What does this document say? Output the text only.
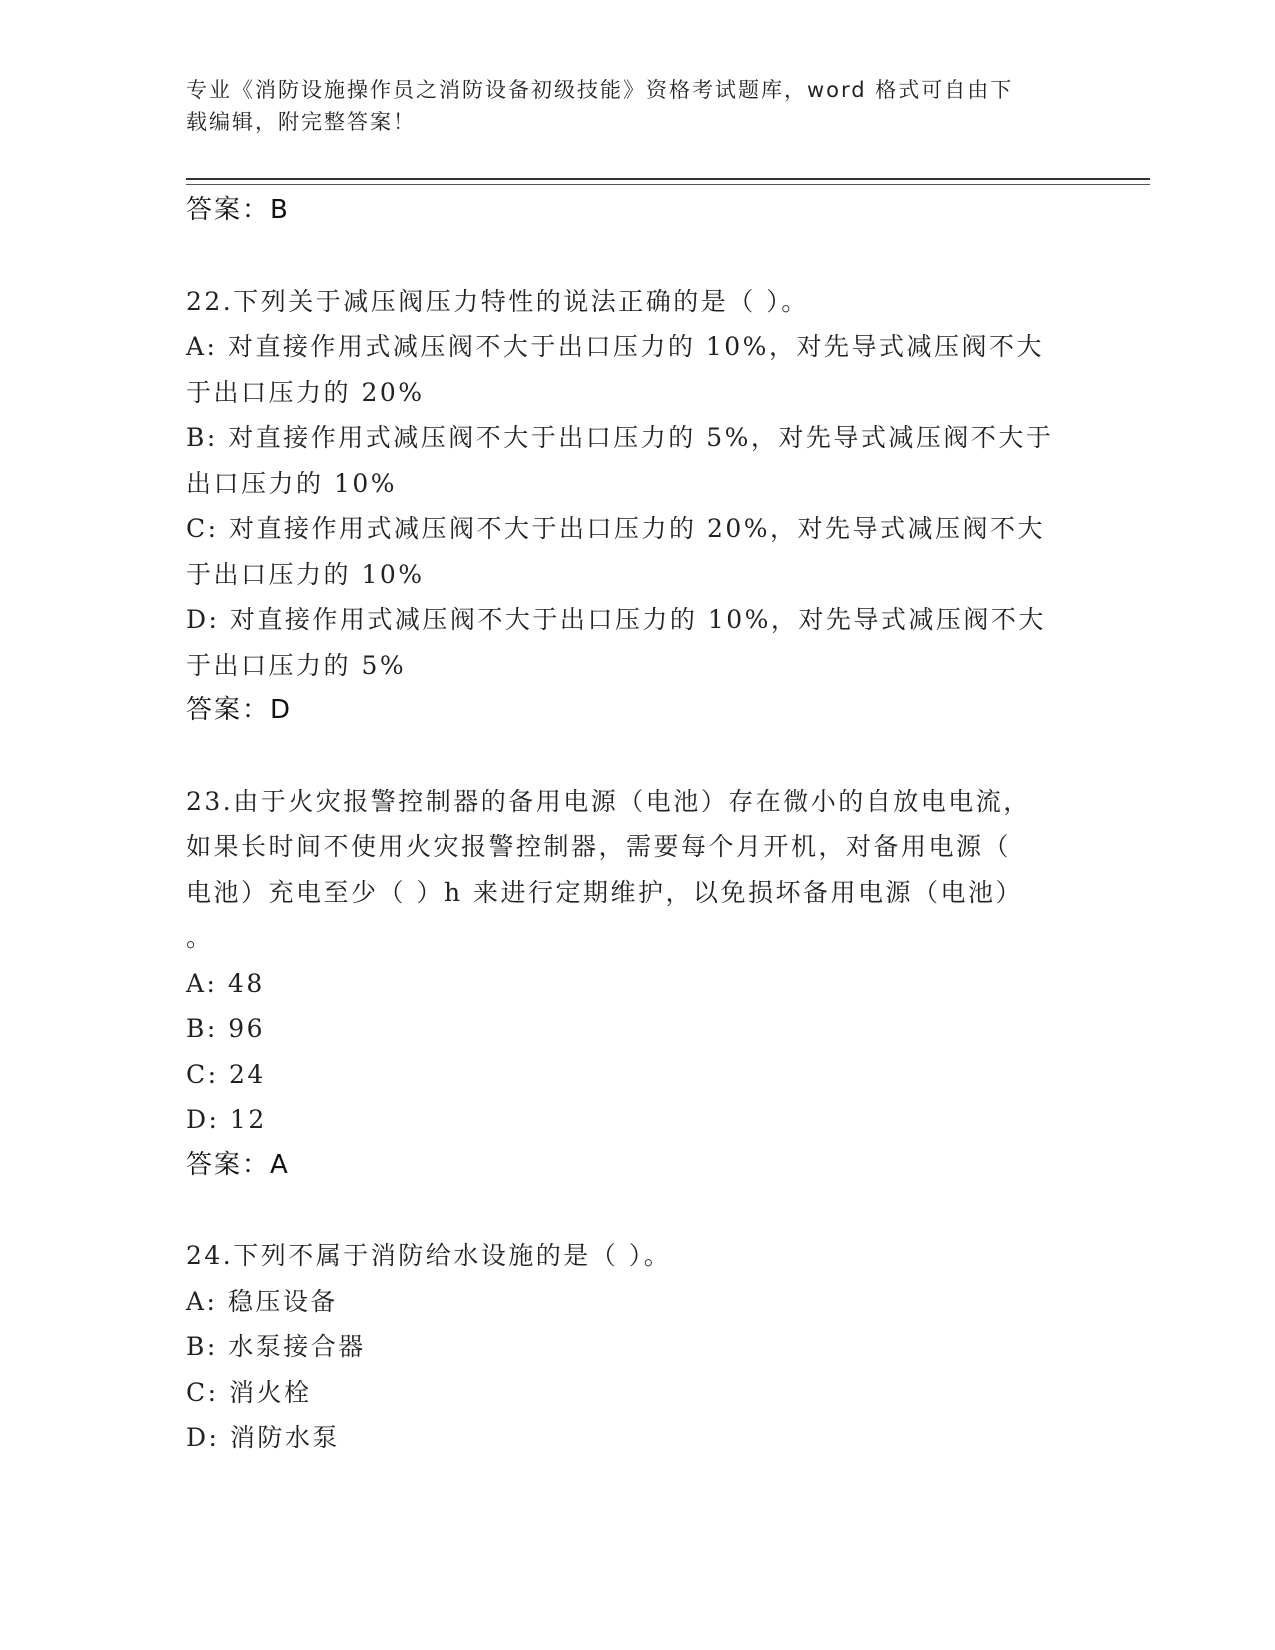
专业《消防设施操作员之消防设备初级技能》资格考试题库，word 格式可自由下
载编辑，附完整答案！
答案：B
22.下列关于减压阀压力特性的说法正确的是（ ）。
A: 对直接作用式减压阀不大于出口压力的 10%，对先导式减压阀不大
于出口压力的 20%
B: 对直接作用式减压阀不大于出口压力的 5%，对先导式减压阀不大于
出口压力的 10%
C: 对直接作用式减压阀不大于出口压力的 20%，对先导式减压阀不大
于出口压力的 10%
D: 对直接作用式减压阀不大于出口压力的 10%，对先导式减压阀不大
于出口压力的 5%
答案：D
23.由于火灾报警控制器的备用电源（电池）存在微小的自放电电流，
如果长时间不使用火灾报警控制器，需要每个月开机，对备用电源（
电池）充电至少（ ）h 来进行定期维护，以免损坏备用电源（电池）
。
A: 48
B: 96
C: 24
D: 12
答案：A
24.下列不属于消防给水设施的是（ ）。
A: 稳压设备
B: 水泵接合器
C: 消火栓
D: 消防水泵
